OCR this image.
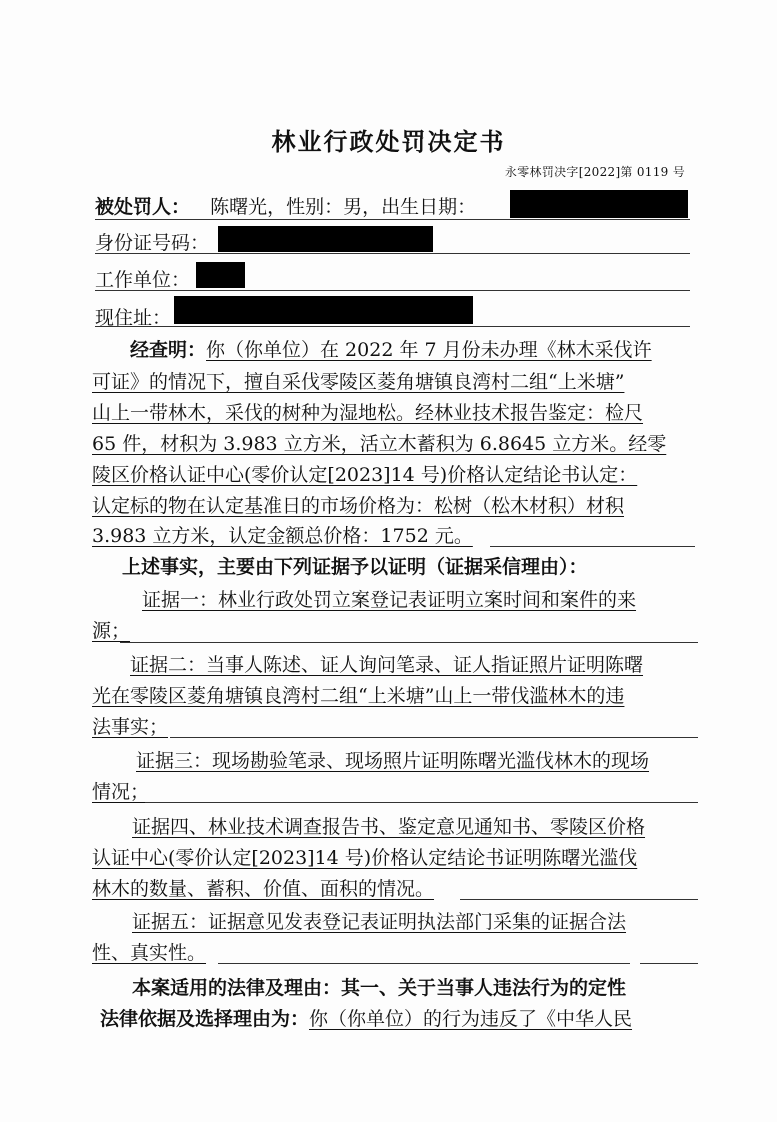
林业行政处罚决定书
永零林罚决字[2022]第 0119 号
被处罚人： 陈曙光，性别：男，出生日期：
身份证号码：
工作单位：
现住址：
经查明：你（你单位）在 2022 年 7 月份未办理《林木采伐许
可证》的情况下，擅自采伐零陵区菱角塘镇良湾村二组“上米塘”
山上一带林木，采伐的树种为湿地松。经林业技术报告鉴定：检尺
65 件，材积为 3.983 立方米，活立木蓄积为 6.8645 立方米。经零
陵区价格认证中心(零价认定[2023]14 号)价格认定结论书认定：
认定标的物在认定基准日的市场价格为：松树（松木材积）材积
3.983 立方米，认定金额总价格：1752 元。
上述事实，主要由下列证据予以证明（证据采信理由）：
证据一：林业行政处罚立案登记表证明立案时间和案件的来
源；
证据二：当事人陈述、证人询问笔录、证人指证照片证明陈曙
光在零陵区菱角塘镇良湾村二组“上米塘”山上一带伐滥林木的违
法事实；
证据三：现场勘验笔录、现场照片证明陈曙光滥伐林木的现场
情况；
证据四、林业技术调查报告书、鉴定意见通知书、零陵区价格
认证中心(零价认定[2023]14 号)价格认定结论书证明陈曙光滥伐
林木的数量、蓄积、价值、面积的情况。
证据五：证据意见发表登记表证明执法部门采集的证据合法
性、真实性。
本案适用的法律及理由：其一、关于当事人违法行为的定性
法律依据及选择理由为：你（你单位）的行为违反了《中华人民
